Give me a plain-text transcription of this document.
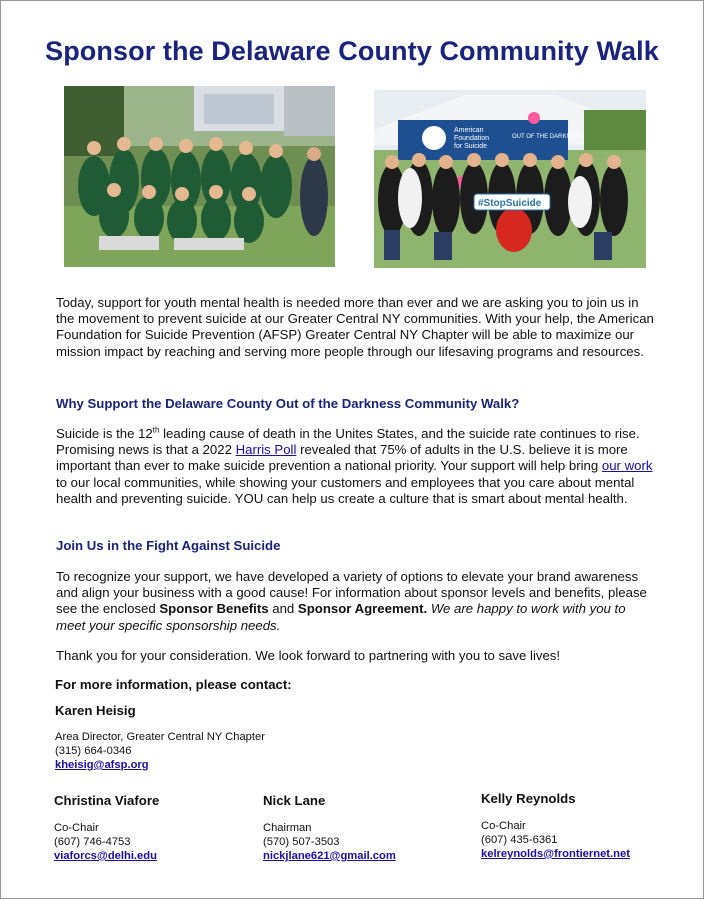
Sponsor the Delaware County Community Walk
American
Foundation
for Suicide
OUT OF THE DARKNESS
#StopSuicide

Today, support for youth mental health is needed more than ever and we are asking you to join us in the movement to prevent suicide at our Greater Central NY communities. With your help, the American Foundation for Suicide Prevention (AFSP) Greater Central NY Chapter will be able to maximize our mission impact by reaching and serving more people through our lifesaving programs and resources.

Why Support the Delaware County Out of the Darkness Community Walk?

Suicide is the 12th leading cause of death in the Unites States, and the suicide rate continues to rise. Promising news is that a 2022 Harris Poll revealed that 75% of adults in the U.S. believe it is more important than ever to make suicide prevention a national priority. Your support will help bring our work to our local communities, while showing your customers and employees that you care about mental health and preventing suicide. YOU can help us create a culture that is smart about mental health.

Join Us in the Fight Against Suicide

To recognize your support, we have developed a variety of options to elevate your brand awareness and align your business with a good cause! For information about sponsor levels and benefits, please see the enclosed Sponsor Benefits and Sponsor Agreement. We are happy to work with you to meet your specific sponsorship needs.

Thank you for your consideration. We look forward to partnering with you to save lives!

For more information, please contact:
Karen Heisig
Area Director, Greater Central NY Chapter
(315) 664-0346
kheisig@afsp.org
Christina Viafore
Co-Chair
(607) 746-4753
viaforcs@delhi.edu
Nick Lane
Chairman
(570) 507-3503
nickjlane621@gmail.com
Kelly Reynolds
Co-Chair
(607) 435-6361
kelreynolds@frontiernet.net
